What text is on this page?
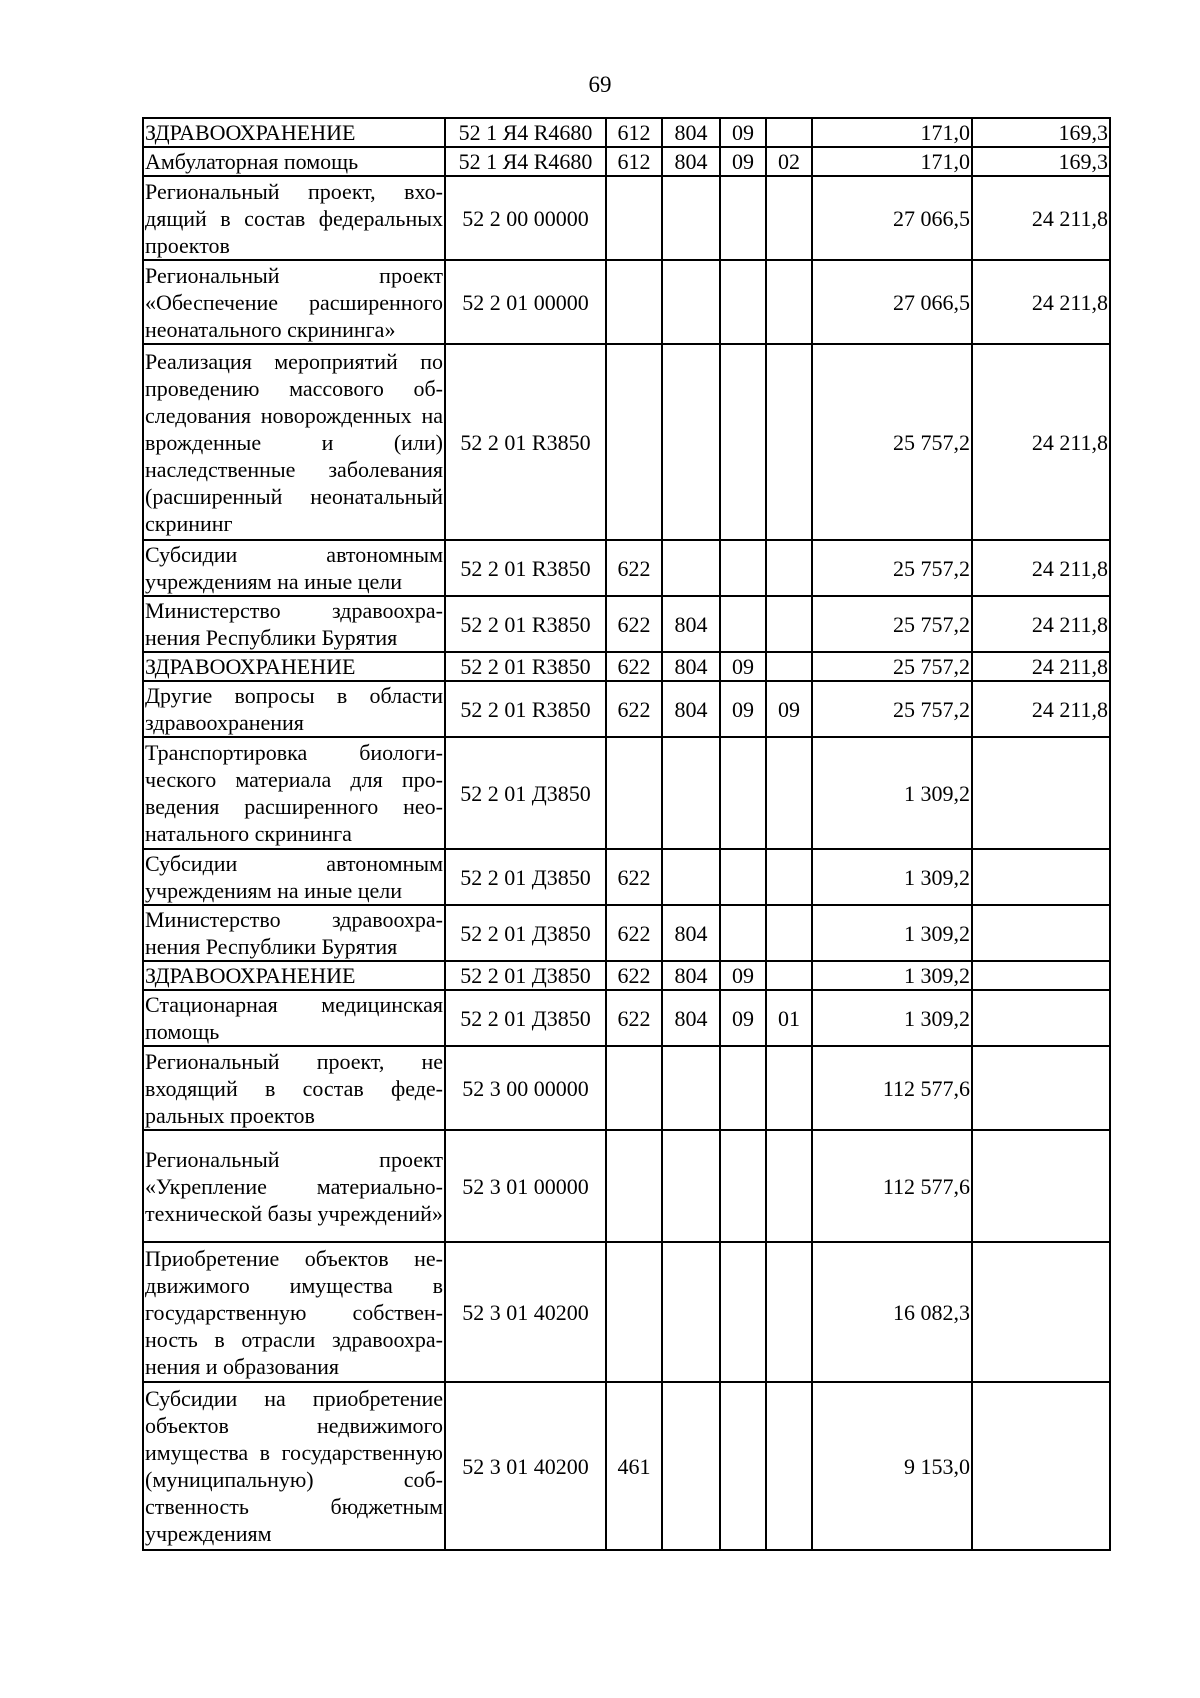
69
ЗДРАВООХРАНЕНИЕ	52 1 Я4 R4680	612	804	09		171,0	169,3
Амбулаторная помощь	52 1 Я4 R4680	612	804	09	02	171,0	169,3
Региональный проект, входящий в состав федеральных проектов	52 2 00 00000					27 066,5	24 211,8
Региональный проект «Обеспечение расширенного неонатального скрининга»	52 2 01 00000					27 066,5	24 211,8
Реализация мероприятий по проведению массового обследования новорожденных на врожденные и (или) наследственные заболевания (расширенный неонатальный скрининг	52 2 01 R3850					25 757,2	24 211,8
Субсидии автономным учреждениям на иные цели	52 2 01 R3850	622				25 757,2	24 211,8
Министерство здравоохранения Республики Бурятия	52 2 01 R3850	622	804			25 757,2	24 211,8
ЗДРАВООХРАНЕНИЕ	52 2 01 R3850	622	804	09		25 757,2	24 211,8
Другие вопросы в области здравоохранения	52 2 01 R3850	622	804	09	09	25 757,2	24 211,8
Транспортировка биологического материала для проведения расширенного неонатального скрининга	52 2 01 Д3850					1 309,2	
Субсидии автономным учреждениям на иные цели	52 2 01 Д3850	622				1 309,2	
Министерство здравоохранения Республики Бурятия	52 2 01 Д3850	622	804			1 309,2	
ЗДРАВООХРАНЕНИЕ	52 2 01 Д3850	622	804	09		1 309,2	
Стационарная медицинская помощь	52 2 01 Д3850	622	804	09	01	1 309,2	
Региональный проект, не входящий в состав федеральных проектов	52 3 00 00000					112 577,6	
Региональный проект «Укрепление материально-технической базы учреждений»	52 3 01 00000					112 577,6	
Приобретение объектов недвижимого имущества в государственную собственность в отрасли здравоохранения и образования	52 3 01 40200					16 082,3	
Субсидии на приобретение объектов недвижимого имущества в государственную (муниципальную) собственность бюджетным учреждениям	52 3 01 40200	461				9 153,0	
